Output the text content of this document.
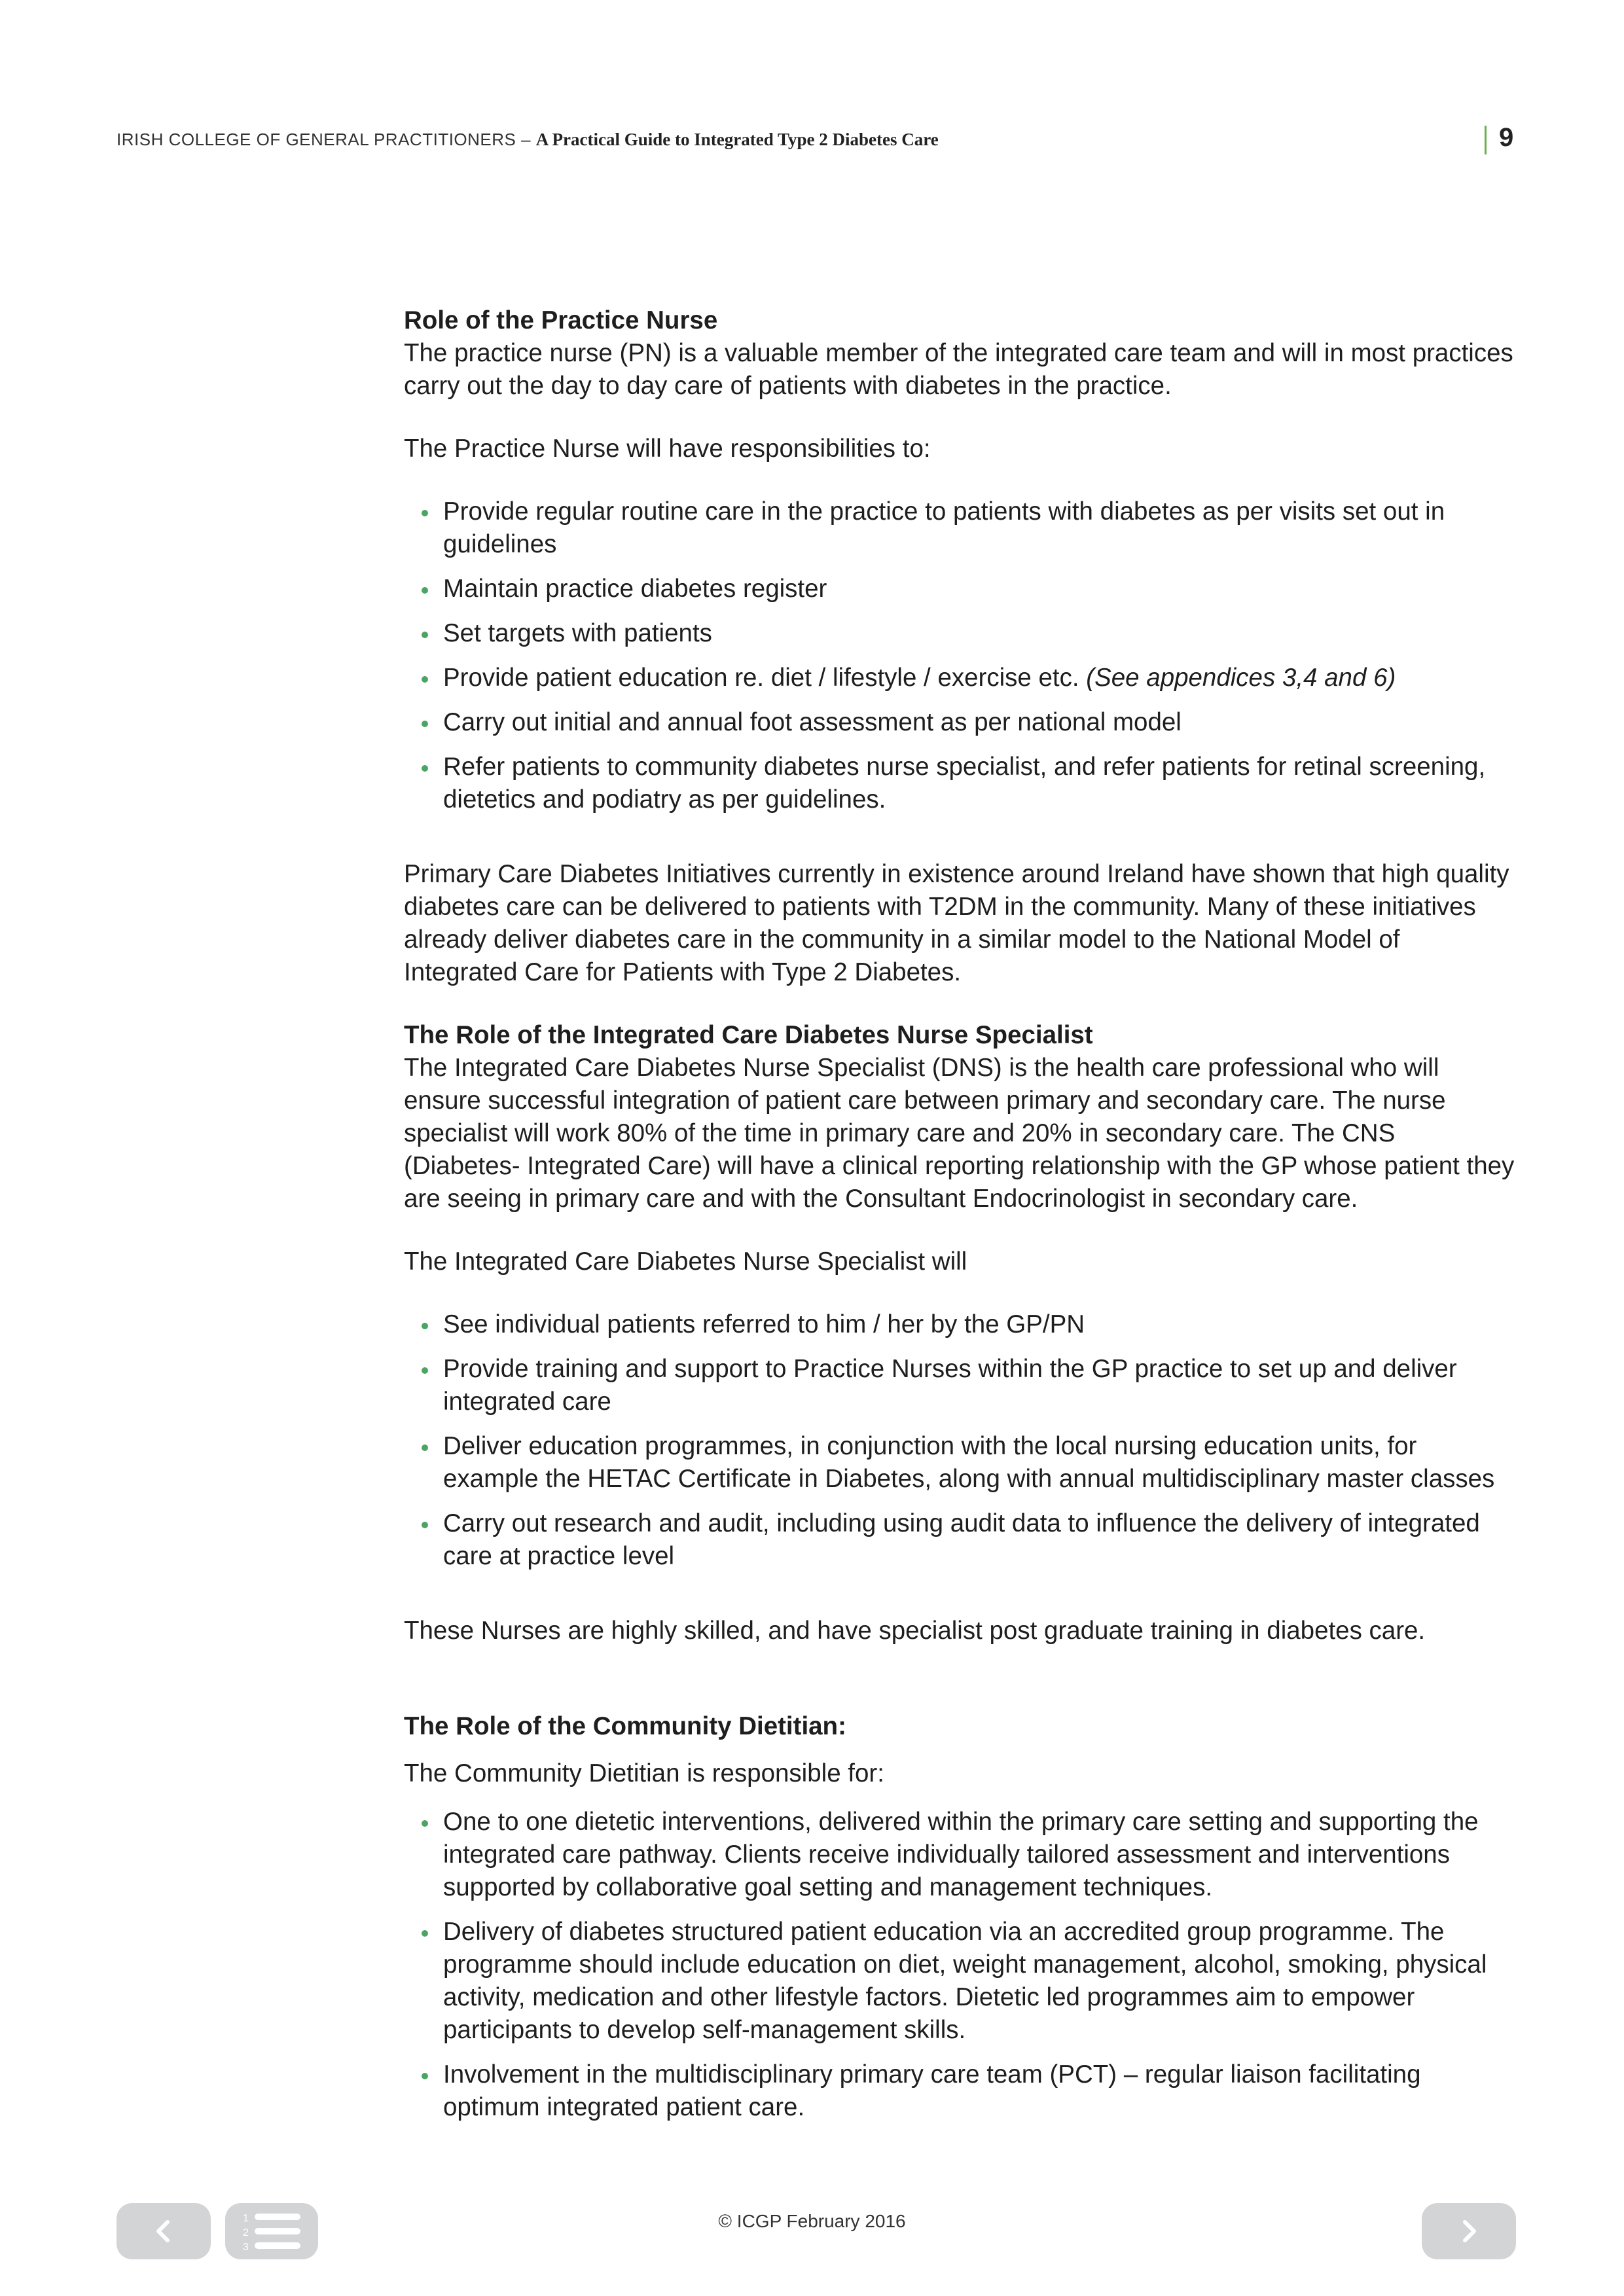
IRISH COLLEGE OF GENERAL PRACTITIONERS – A Practical Guide to Integrated Type 2 Diabetes Care	9

Role of the Practice Nurse

The practice nurse (PN) is a valuable member of the integrated care team and will in most practices carry out the day to day care of patients with diabetes in the practice.

The Practice Nurse will have responsibilities to:

Provide regular routine care in the practice to patients with diabetes as per visits set out in guidelines
Maintain practice diabetes register
Set targets with patients
Provide patient education re. diet / lifestyle / exercise etc. (See appendices 3,4 and 6)
Carry out initial and annual foot assessment as per national model
Refer patients to community diabetes nurse specialist, and refer patients for retinal screening, dietetics and podiatry as per guidelines.

Primary Care Diabetes Initiatives currently in existence around Ireland have shown that high quality diabetes care can be delivered to patients with T2DM in the community. Many of these initiatives already deliver diabetes care in the community in a similar model to the National Model of Integrated Care for Patients with Type 2 Diabetes.

The Role of the Integrated Care Diabetes Nurse Specialist

The Integrated Care Diabetes Nurse Specialist (DNS) is the health care professional who will ensure successful integration of patient care between primary and secondary care. The nurse specialist will work 80% of the time in primary care and 20% in secondary care. The CNS (Diabetes- Integrated Care) will have a clinical reporting relationship with the GP whose patient they are seeing in primary care and with the Consultant Endocrinologist in secondary care.

The Integrated Care Diabetes Nurse Specialist will

See individual patients referred to him / her by the GP/PN
Provide training and support to Practice Nurses within the GP practice to set up and deliver integrated care
Deliver education programmes, in conjunction with the local nursing education units, for example the HETAC Certificate in Diabetes, along with annual multidisciplinary master classes
Carry out research and audit, including using audit data to influence the delivery of integrated care at practice level

These Nurses are highly skilled, and have specialist post graduate training in diabetes care.

The Role of the Community Dietitian:

The Community Dietitian is responsible for:

One to one dietetic interventions, delivered within the primary care setting and supporting the integrated care pathway. Clients receive individually tailored assessment and interventions supported by collaborative goal setting and management techniques.
Delivery of diabetes structured patient education via an accredited group programme. The programme should include education on diet, weight management, alcohol, smoking, physical activity, medication and other lifestyle factors. Dietetic led programmes aim to empower participants to develop self-management skills.
Involvement in the multidisciplinary primary care team (PCT) – regular liaison facilitating optimum integrated patient care.
1
2
3
© ICGP February 2016
